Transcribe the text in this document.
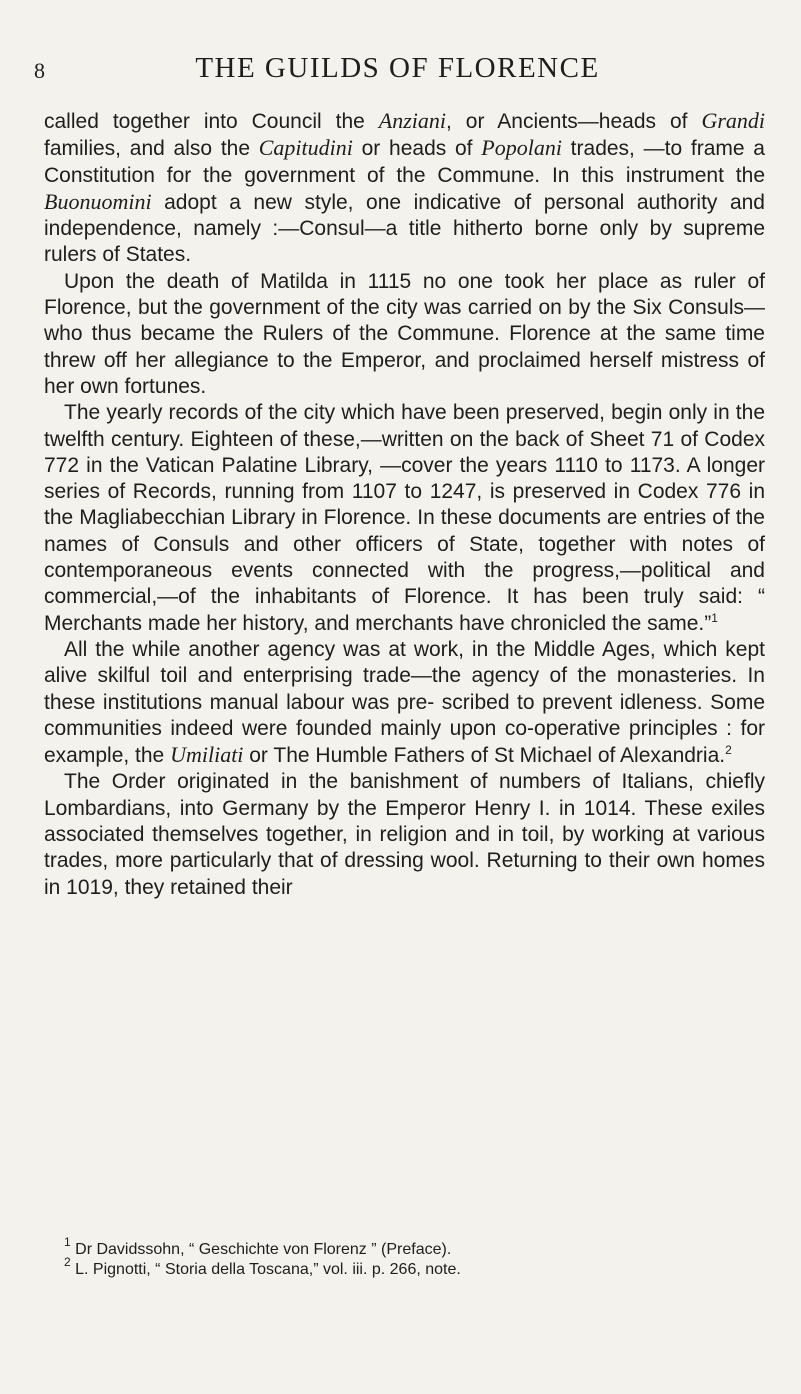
8	THE GUILDS OF FLORENCE

called together into Council the Anziani, or Ancients—heads of Grandi families, and also the Capitudini or heads of Popolani trades, —to frame a Constitution for the government of the Commune. In this instrument the Buonuomini adopt a new style, one indicative of personal authority and independence, namely :—Consul—a title hitherto borne only by supreme rulers of States.

Upon the death of Matilda in 1115 no one took her place as ruler of Florence, but the government of the city was carried on by the Six Consuls—who thus became the Rulers of the Commune. Florence at the same time threw off her allegiance to the Emperor, and proclaimed herself mistress of her own fortunes.

The yearly records of the city which have been preserved, begin only in the twelfth century. Eighteen of these,—written on the back of Sheet 71 of Codex 772 in the Vatican Palatine Library, —cover the years 1110 to 1173. A longer series of Records, running from 1107 to 1247, is preserved in Codex 776 in the Magliabecchian Library in Florence. In these documents are entries of the names of Consuls and other officers of State, together with notes of contemporaneous events connected with the progress,—political and commercial,—of the inhabitants of Florence. It has been truly said: “ Merchants made her history, and merchants have chronicled the same.”$^1$

All the while another agency was at work, in the Middle Ages, which kept alive skilful toil and enterprising trade—the agency of the monasteries. In these institutions manual labour was pre- scribed to prevent idleness. Some communities indeed were founded mainly upon co-operative principles : for example, the Umiliati or The Humble Fathers of St Michael of Alexandria.$^2$

The Order originated in the banishment of numbers of Italians, chiefly Lombardians, into Germany by the Emperor Henry I. in 1014. These exiles associated themselves together, in religion and in toil, by working at various trades, more particularly that of dressing wool. Returning to their own homes in 1019, they retained their

$^1$ Dr Davidssohn, “ Geschichte von Florenz ” (Preface).

$^2$ L. Pignotti, “ Storia della Toscana,” vol. iii. p. 266, note.
